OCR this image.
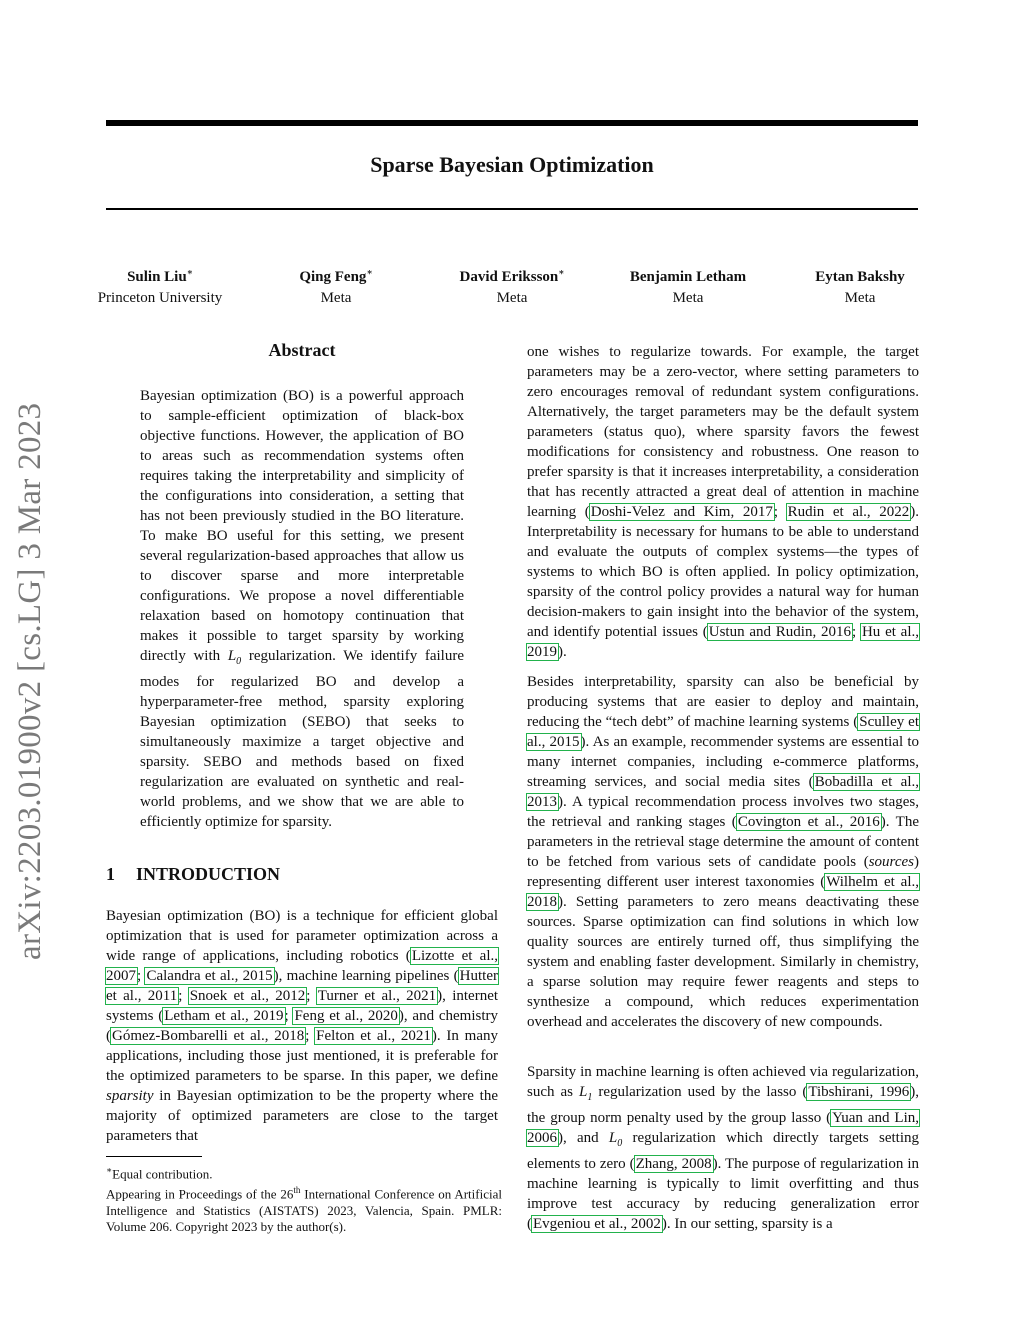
Sparse Bayesian Optimization
arXiv:2203.01900v2 [cs.LG] 3 Mar 2023
Sulin Liu∗
Princeton University
Qing Feng∗
Meta
David Eriksson∗
Meta
Benjamin Letham
Meta
Eytan Bakshy
Meta
Abstract

Bayesian optimization (BO) is a powerful approach to sample-efficient optimization of black-box objective functions. However, the application of BO to areas such as recommendation systems often requires taking the interpretability and simplicity of the configurations into consideration, a setting that has not been previously studied in the BO literature. To make BO useful for this setting, we present several regularization-based approaches that allow us to discover sparse and more interpretable configurations. We propose a novel differentiable relaxation based on homotopy continuation that makes it possible to target sparsity by working directly with $L_0$ regularization. We identify failure modes for regularized BO and develop a hyperparameter-free method, sparsity exploring Bayesian optimization (SEBO) that seeks to simultaneously maximize a target objective and sparsity. SEBO and methods based on fixed regularization are evaluated on synthetic and real-world problems, and we show that we are able to efficiently optimize for sparsity.

1 INTRODUCTION

Bayesian optimization (BO) is a technique for efficient global optimization that is used for parameter optimization across a wide range of applications, including robotics (Lizotte et al., 2007; Calandra et al., 2015), machine learning pipelines (Hutter et al., 2011; Snoek et al., 2012; Turner et al., 2021), internet systems (Letham et al., 2019; Feng et al., 2020), and chemistry (Gómez-Bombarelli et al., 2018; Felton et al., 2021). In many applications, including those just mentioned, it is preferable for the optimized parameters to be sparse. In this paper, we define sparsity in Bayesian optimization to be the property where the majority of optimized parameters are close to the target parameters that

one wishes to regularize towards. For example, the target parameters may be a zero-vector, where setting parameters to zero encourages removal of redundant system configurations. Alternatively, the target parameters may be the default system parameters (status quo), where sparsity favors the fewest modifications for consistency and robustness. One reason to prefer sparsity is that it increases interpretability, a consideration that has recently attracted a great deal of attention in machine learning (Doshi-Velez and Kim, 2017; Rudin et al., 2022). Interpretability is necessary for humans to be able to understand and evaluate the outputs of complex systems—the types of systems to which BO is often applied. In policy optimization, sparsity of the control policy provides a natural way for human decision-makers to gain insight into the behavior of the system, and identify potential issues (Ustun and Rudin, 2016; Hu et al., 2019).

Besides interpretability, sparsity can also be beneficial by producing systems that are easier to deploy and maintain, reducing the “tech debt” of machine learning systems (Sculley et al., 2015). As an example, recommender systems are essential to many internet companies, including e-commerce platforms, streaming services, and social media sites (Bobadilla et al., 2013). A typical recommendation process involves two stages, the retrieval and ranking stages (Covington et al., 2016). The parameters in the retrieval stage determine the amount of content to be fetched from various sets of candidate pools (sources) representing different user interest taxonomies (Wilhelm et al., 2018). Setting parameters to zero means deactivating these sources. Sparse optimization can find solutions in which low quality sources are entirely turned off, thus simplifying the system and enabling faster development. Similarly in chemistry, a sparse solution may require fewer reagents and steps to synthesize a compound, which reduces experimentation overhead and accelerates the discovery of new compounds.

Sparsity in machine learning is often achieved via regularization, such as $L_1$ regularization used by the lasso (Tibshirani, 1996), the group norm penalty used by the group lasso (Yuan and Lin, 2006), and $L_0$ regularization which directly targets setting elements to zero (Zhang, 2008). The purpose of regularization in machine learning is typically to limit overfitting and thus improve test accuracy by reducing generalization error (Evgeniou et al., 2002). In our setting, sparsity is a

∗Equal contribution.
Appearing in Proceedings of the 26th International Conference on Artificial Intelligence and Statistics (AISTATS) 2023, Valencia, Spain. PMLR: Volume 206. Copyright 2023 by the author(s).
